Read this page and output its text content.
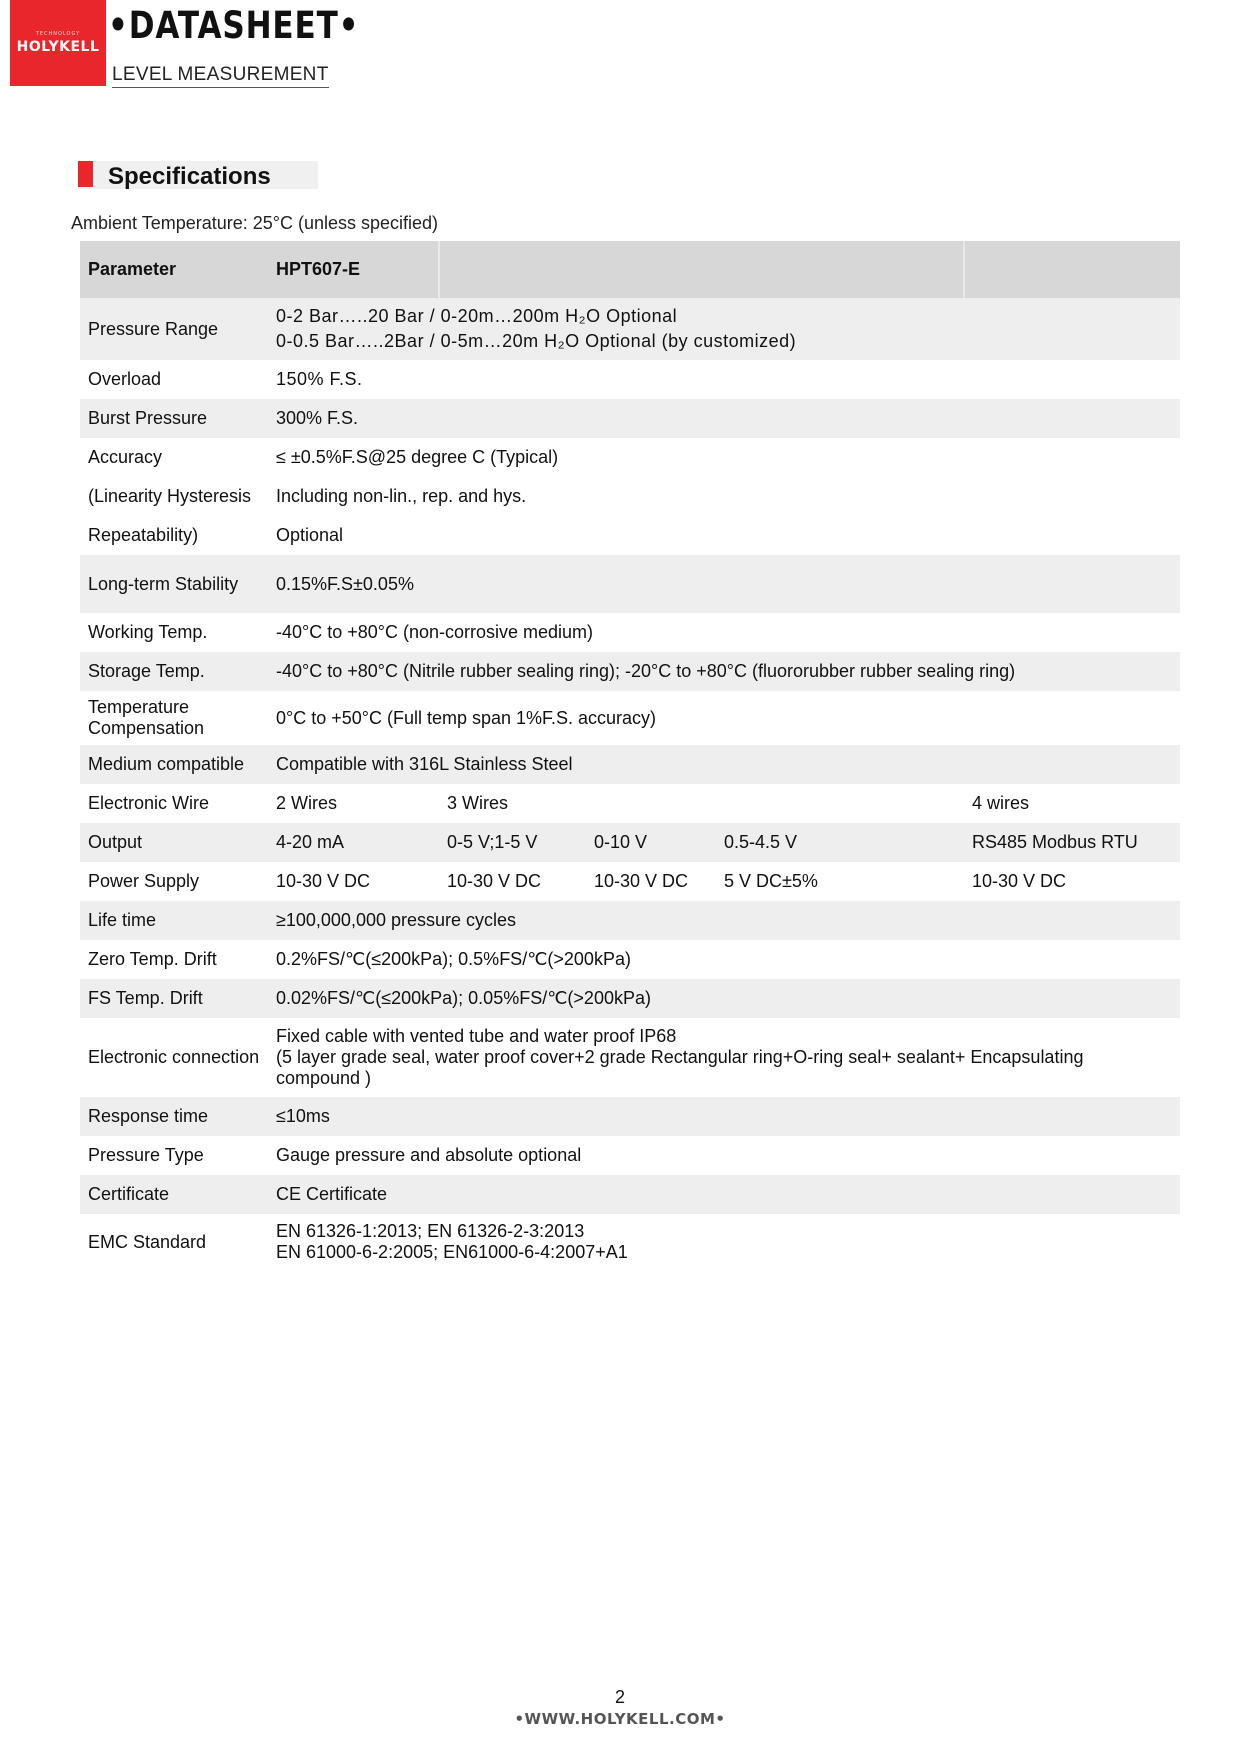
TECHNOLOGY
HOLYKELL •DATASHEET•
LEVEL MEASUREMENT
Specifications
Ambient Temperature: 25°C (unless specified)
Parameter	HPT607-E				
Pressure Range	0-2 Bar…..20 Bar / 0-20m…200m H₂O Optional
0-0.5 Bar…..2Bar / 0-5m…20m H₂O Optional (by customized)				

Overload	150% F.S.				
Burst Pressure	300% F.S.				
Accuracy	≤ ±0.5%F.S@25 degree C (Typical)				
(Linearity Hysteresis	Including non-lin., rep. and hys.				
Repeatability)	Optional				
Long-term Stability	0.15%F.S±0.05%				
Working Temp.	-40°C to +80°C (non-corrosive medium)				
Storage Temp.	-40°C to +80°C (Nitrile rubber sealing ring); -20°C to +80°C (fluororubber rubber sealing ring)				

Temperature
Compensation	0°C to +50°C (Full temp span 1%F.S. accuracy)				
Medium compatible	Compatible with 316L Stainless Steel				
Electronic Wire	2 Wires	3 Wires			4 wires
Output	4-20 mA	0-5 V;1-5 V	0-10 V	0.5-4.5 V	RS485 Modbus RTU
Power Supply	10-30 V DC	10-30 V DC	10-30 V DC	5 V DC±5%	10-30 V DC
Life time	≥100,000,000 pressure cycles				
Zero Temp. Drift	0.2%FS/℃(≤200kPa); 0.5%FS/℃(>200kPa)				
FS Temp. Drift	0.02%FS/℃(≤200kPa); 0.05%FS/℃(>200kPa)				
Electronic connection	Fixed cable with vented tube and water proof IP68
(5 layer grade seal, water proof cover+2 grade Rectangular ring+O-ring seal+ sealant+ Encapsulating
compound )				

Response time	≤10ms				
Pressure Type	Gauge pressure and absolute optional				
Certificate	CE Certificate				
EMC Standard	EN 61326-1:2013; EN 61326-2-3:2013
EN 61000-6-2:2005; EN61000-6-4:2007+A1				
2
•WWW.HOLYKELL.COM•
